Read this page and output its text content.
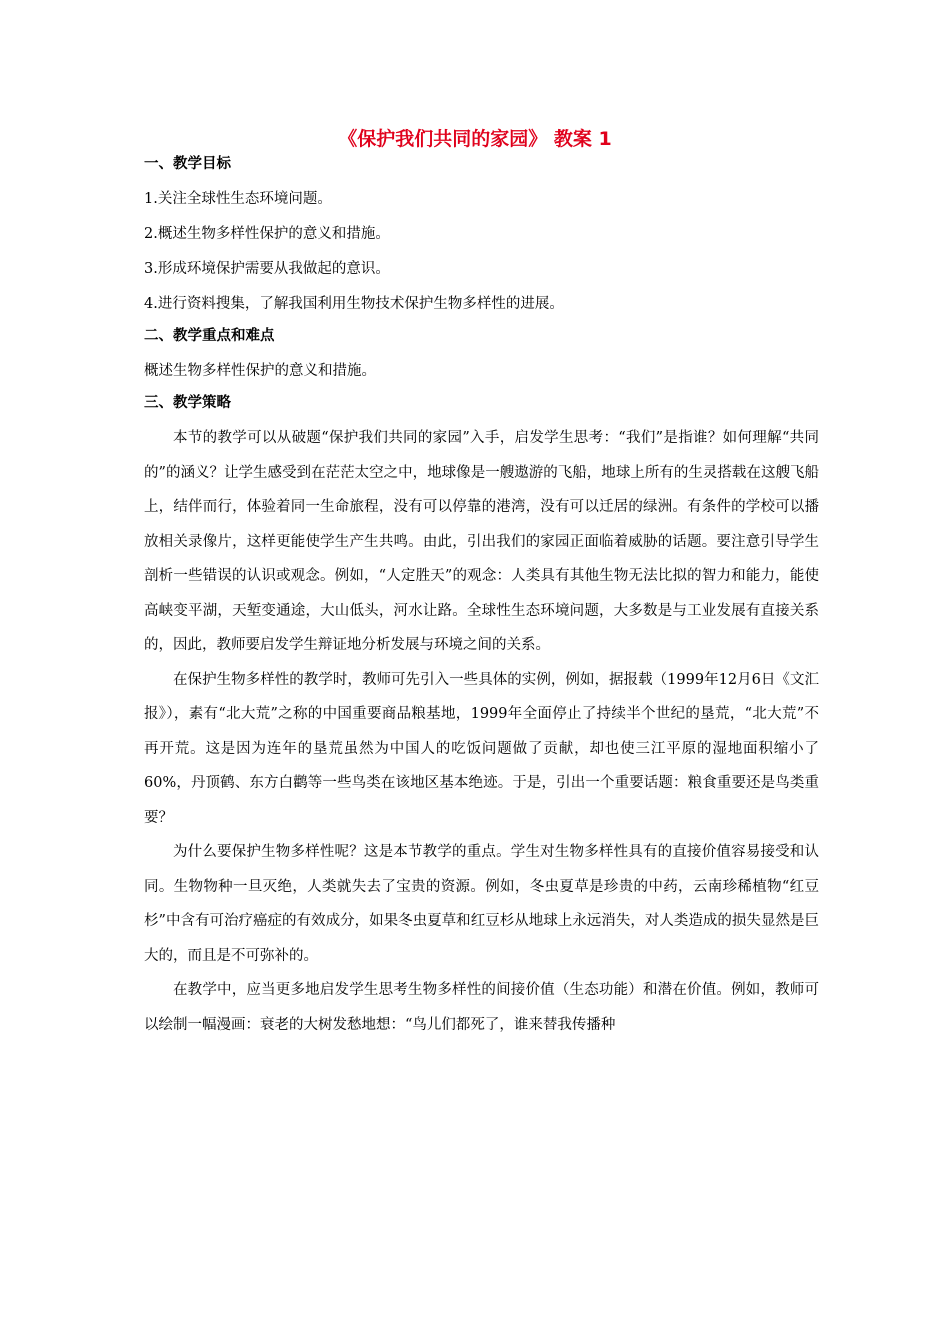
《保护我们共同的家园》 教案 1

一、教学目标

1.关注全球性生态环境问题。

2.概述生物多样性保护的意义和措施。

3.形成环境保护需要从我做起的意识。

4.进行资料搜集，了解我国利用生物技术保护生物多样性的进展。

二、教学重点和难点

概述生物多样性保护的意义和措施。

三、教学策略

本节的教学可以从破题“保护我们共同的家园”入手，启发学生思考：“我们”是指谁？如何理解“共同的”的涵义？让学生感受到在茫茫太空之中，地球像是一艘遨游的飞船，地球上所有的生灵搭载在这艘飞船上，结伴而行，体验着同一生命旅程，没有可以停靠的港湾，没有可以迁居的绿洲。有条件的学校可以播放相关录像片，这样更能使学生产生共鸣。由此，引出我们的家园正面临着威胁的话题。要注意引导学生剖析一些错误的认识或观念。例如，“人定胜天”的观念：人类具有其他生物无法比拟的智力和能力，能使高峡变平湖，天堑变通途，大山低头，河水让路。全球性生态环境问题，大多数是与工业发展有直接关系的，因此，教师要启发学生辩证地分析发展与环境之间的关系。

在保护生物多样性的教学时，教师可先引入一些具体的实例，例如，据报载（1999年12月6日《文汇报》），素有“北大荒”之称的中国重要商品粮基地，1999年全面停止了持续半个世纪的垦荒，“北大荒”不再开荒。这是因为连年的垦荒虽然为中国人的吃饭问题做了贡献，却也使三江平原的湿地面积缩小了60%，丹顶鹤、东方白鹳等一些鸟类在该地区基本绝迹。于是，引出一个重要话题：粮食重要还是鸟类重要？

为什么要保护生物多样性呢？这是本节教学的重点。学生对生物多样性具有的直接价值容易接受和认同。生物物种一旦灭绝，人类就失去了宝贵的资源。例如，冬虫夏草是珍贵的中药，云南珍稀植物“红豆杉”中含有可治疗癌症的有效成分，如果冬虫夏草和红豆杉从地球上永远消失，对人类造成的损失显然是巨大的，而且是不可弥补的。

在教学中，应当更多地启发学生思考生物多样性的间接价值（生态功能）和潜在价值。例如，教师可以绘制一幅漫画：衰老的大树发愁地想：“鸟儿们都死了，谁来替我传播种
